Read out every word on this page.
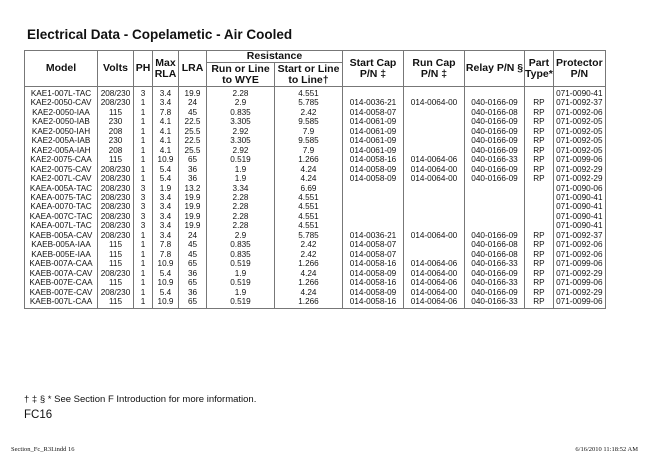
Electrical Data - Copelametic - Air Cooled
Model	Volts	PH	Max RLA	LRA	Resistance		Start Cap P/N ‡	Run Cap P/N ‡	Relay P/N §	Part Type*	Protector P/N
					Run or Line to WYE	Start or Line to Line†					
KAE1-007L-TAC	208/230	3	3.4	19.9	2.28	4.551					071-0090-41
KAE2-0050-CAV	208/230	1	3.4	24	2.9	5.785	014-0036-21	014-0064-00	040-0166-09	RP	071-0092-37
KAE2-0050-IAA	115	1	7.8	45	0.835	2.42	014-0058-07		040-0166-08	RP	071-0092-06
KAE2-0050-IAB	230	1	4.1	22.5	3.305	9.585	014-0061-09		040-0166-09	RP	071-0092-05
KAE2-0050-IAH	208	1	4.1	25.5	2.92	7.9	014-0061-09		040-0166-09	RP	071-0092-05
KAE2-005A-IAB	230	1	4.1	22.5	3.305	9.585	014-0061-09		040-0166-09	RP	071-0092-05
KAE2-005A-IAH	208	1	4.1	25.5	2.92	7.9	014-0061-09		040-0166-09	RP	071-0092-05
KAE2-0075-CAA	115	1	10.9	65	0.519	1.266	014-0058-16	014-0064-06	040-0166-33	RP	071-0099-06
KAE2-0075-CAV	208/230	1	5.4	36	1.9	4.24	014-0058-09	014-0064-00	040-0166-09	RP	071-0092-29
KAE2-007L-CAV	208/230	1	5.4	36	1.9	4.24	014-0058-09	014-0064-00	040-0166-09	RP	071-0092-29
KAEA-005A-TAC	208/230	3	1.9	13.2	3.34	6.69					071-0090-06
KAEA-0075-TAC	208/230	3	3.4	19.9	2.28	4.551					071-0090-41
KAEA-0070-TAC	208/230	3	3.4	19.9	2.28	4.551					071-0090-41
KAEA-007C-TAC	208/230	3	3.4	19.9	2.28	4.551					071-0090-41
KAEA-007L-TAC	208/230	3	3.4	19.9	2.28	4.551					071-0090-41
KAEB-005A-CAV	208/230	1	3.4	24	2.9	5.785	014-0036-21	014-0064-00	040-0166-09	RP	071-0092-37
KAEB-005A-IAA	115	1	7.8	45	0.835	2.42	014-0058-07		040-0166-08	RP	071-0092-06
KAEB-005E-IAA	115	1	7.8	45	0.835	2.42	014-0058-07		040-0166-08	RP	071-0092-06
KAEB-007A-CAA	115	1	10.9	65	0.519	1.266	014-0058-16	014-0064-06	040-0166-33	RP	071-0099-06
KAEB-007A-CAV	208/230	1	5.4	36	1.9	4.24	014-0058-09	014-0064-00	040-0166-09	RP	071-0092-29
KAEB-007E-CAA	115	1	10.9	65	0.519	1.266	014-0058-16	014-0064-06	040-0166-33	RP	071-0099-06
KAEB-007E-CAV	208/230	1	5.4	36	1.9	4.24	014-0058-09	014-0064-00	040-0166-09	RP	071-0092-29
KAEB-007L-CAA	115	1	10.9	65	0.519	1.266	014-0058-16	014-0064-06	040-0166-33	RP	071-0099-06
† ‡ § * See Section F Introduction for more information.
FC16
Section_Fc_R3I.indd 16	6/16/2010 11:18:52 AM
